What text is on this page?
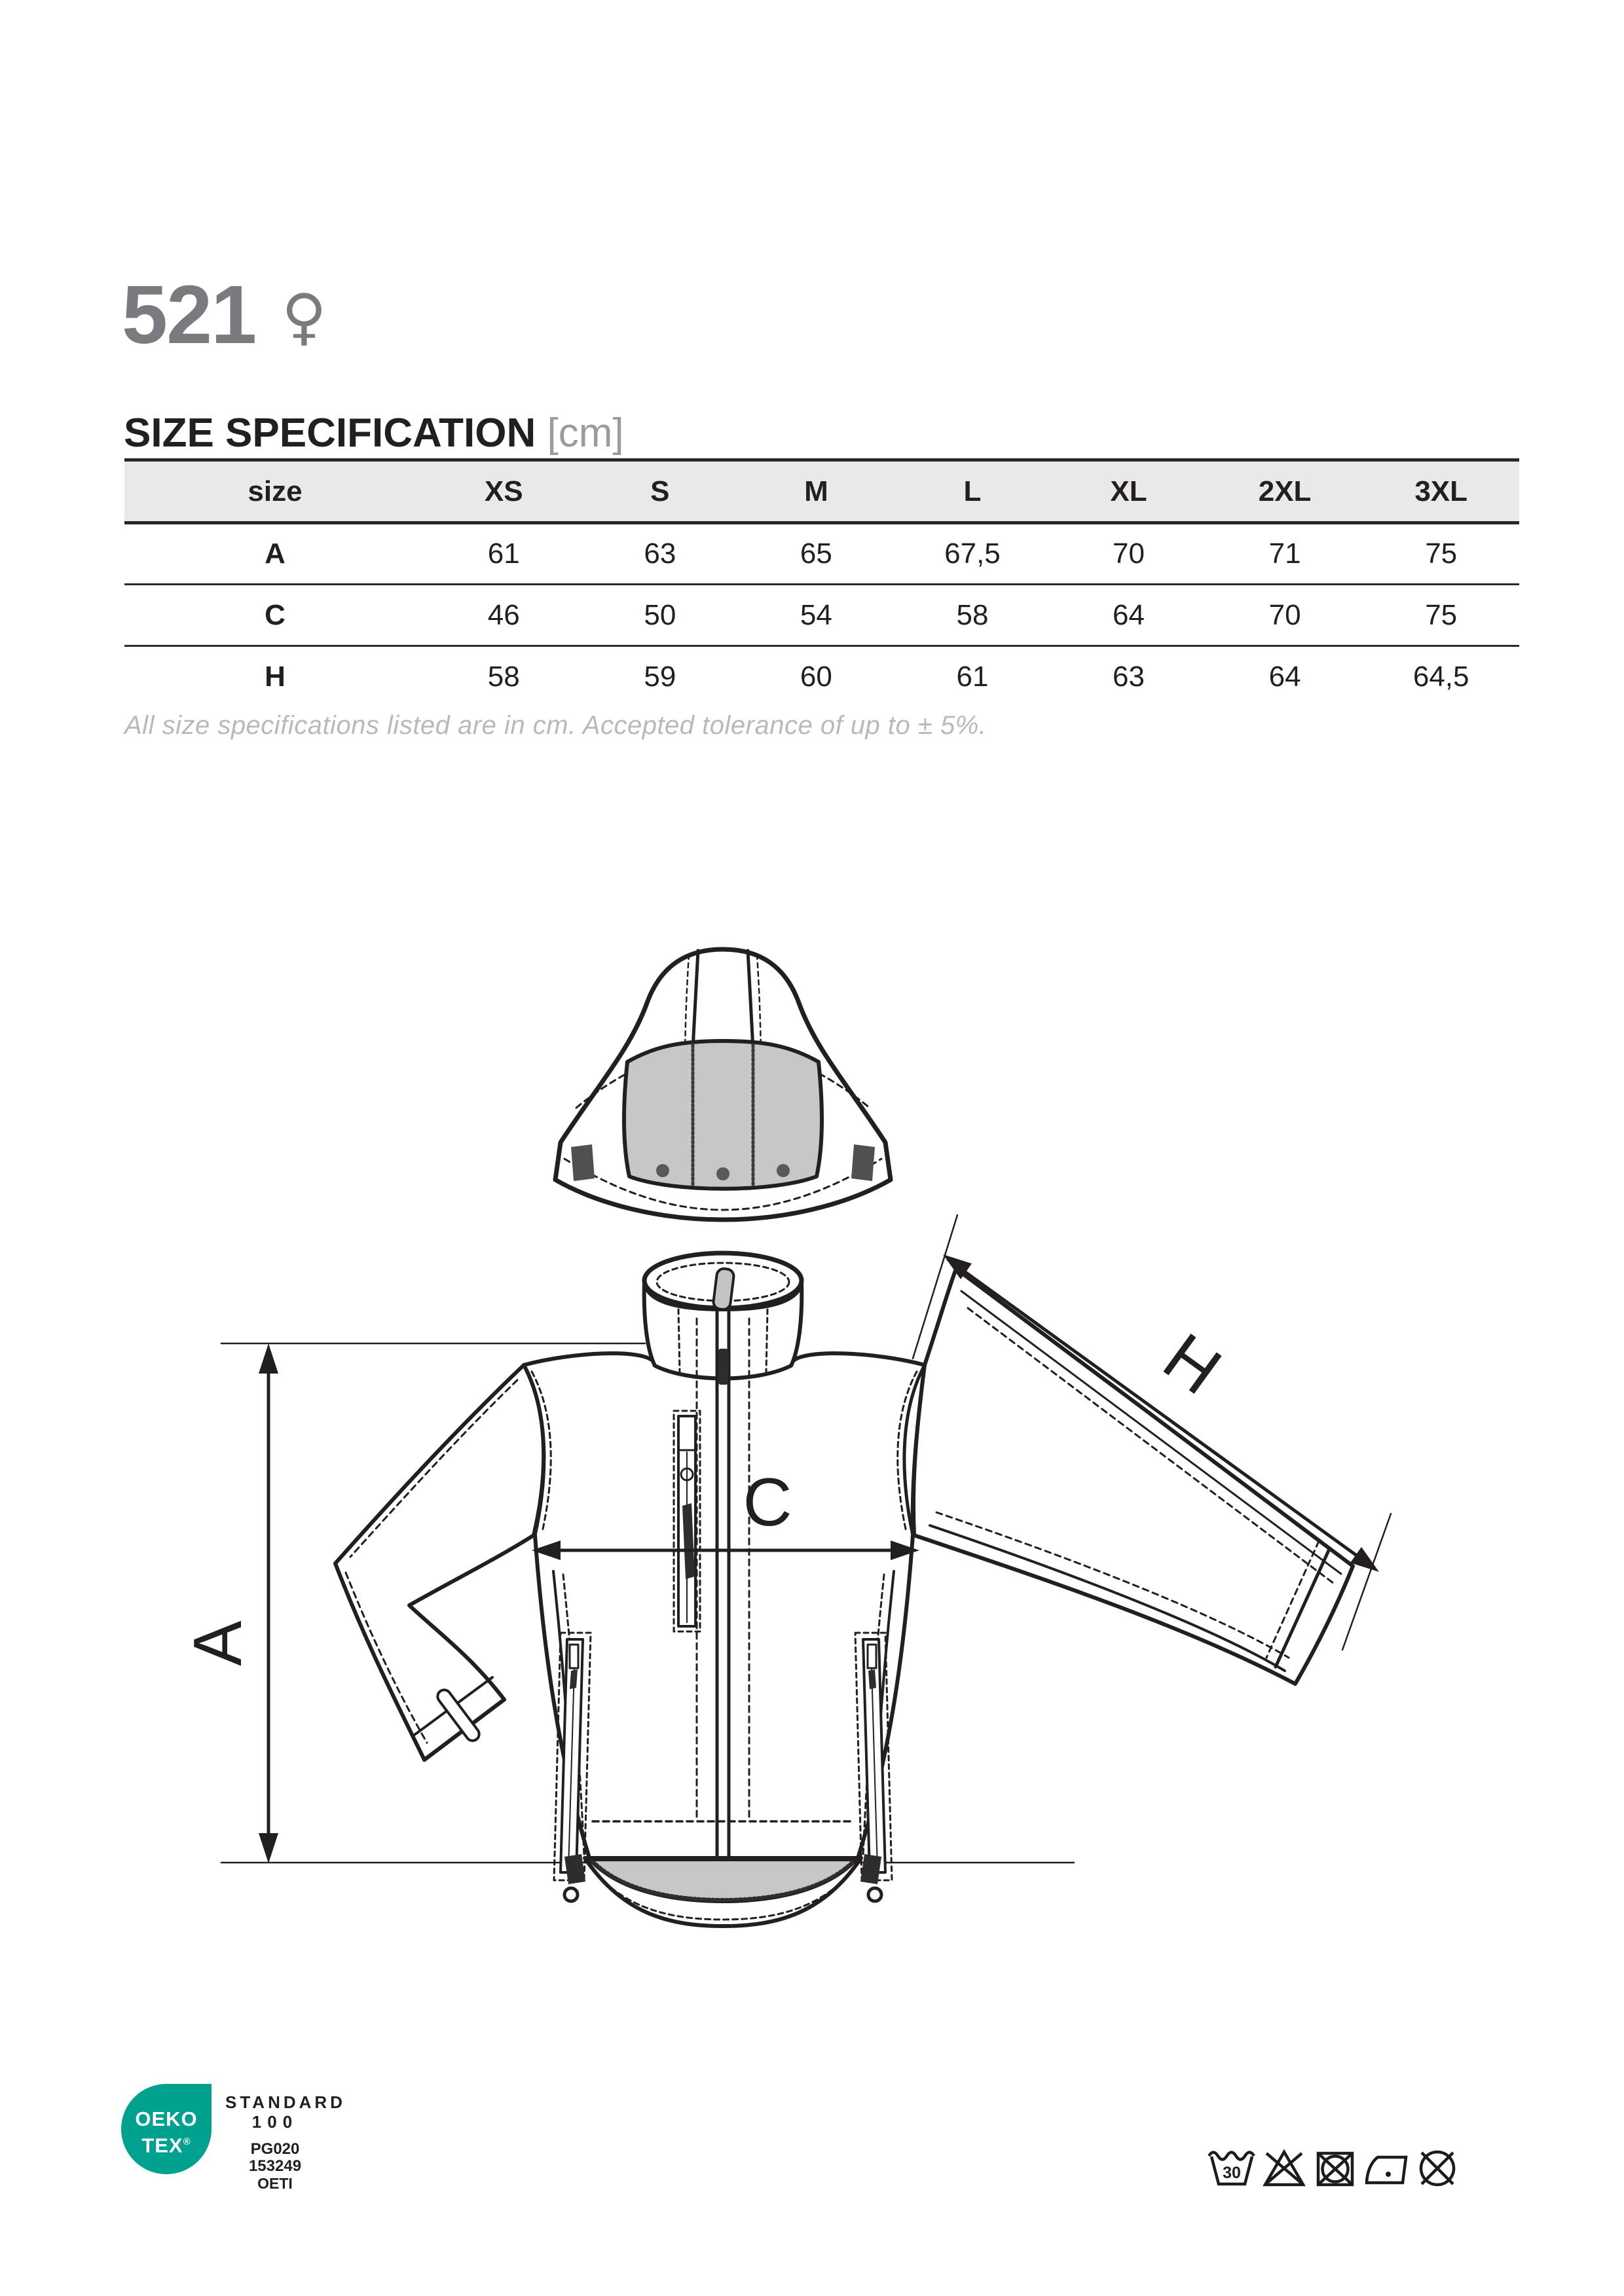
521 ♀
SIZE SPECIFICATION [cm]
size	XS	S	M	L	XL	2XL	3XL
A	61	63	65	67,5	70	71	75
C	46	50	54	58	64	70	75
H	58	59	60	61	63	64	64,5
All size specifications listed are in cm. Accepted tolerance of up to ± 5%.
A
C
H
OEKO
TEX®
STANDARD
100
PG020 153249
OETI
30
